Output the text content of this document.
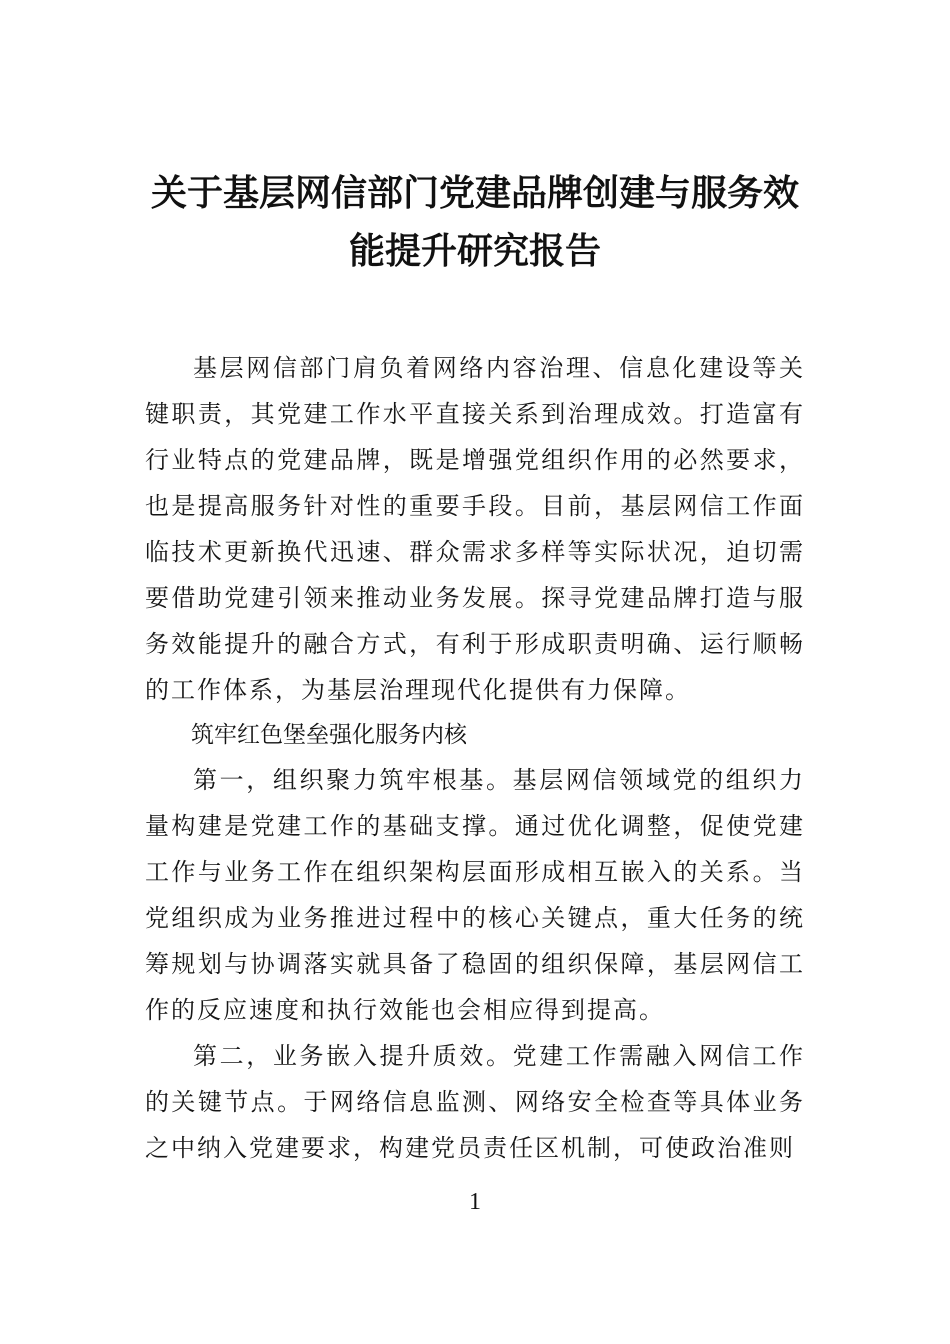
关于基层网信部门党建品牌创建与服务效
能提升研究报告

基层网信部门肩负着网络内容治理、信息化建设等关键职责，其党建工作水平直接关系到治理成效。打造富有行业特点的党建品牌，既是增强党组织作用的必然要求，也是提高服务针对性的重要手段。目前，基层网信工作面临技术更新换代迅速、群众需求多样等实际状况，迫切需要借助党建引领来推动业务发展。探寻党建品牌打造与服务效能提升的融合方式，有利于形成职责明确、运行顺畅的工作体系，为基层治理现代化提供有力保障。

筑牢红色堡垒强化服务内核

第一，组织聚力筑牢根基。基层网信领域党的组织力量构建是党建工作的基础支撑。通过优化调整，促使党建工作与业务工作在组织架构层面形成相互嵌入的关系。当党组织成为业务推进过程中的核心关键点，重大任务的统筹规划与协调落实就具备了稳固的组织保障，基层网信工作的反应速度和执行效能也会相应得到提高。

第二，业务嵌入提升质效。党建工作需融入网信工作的关键节点。于网络信息监测、网络安全检查等具体业务之中纳入党建要求，构建党员责任区机制，可使政治准则

1
